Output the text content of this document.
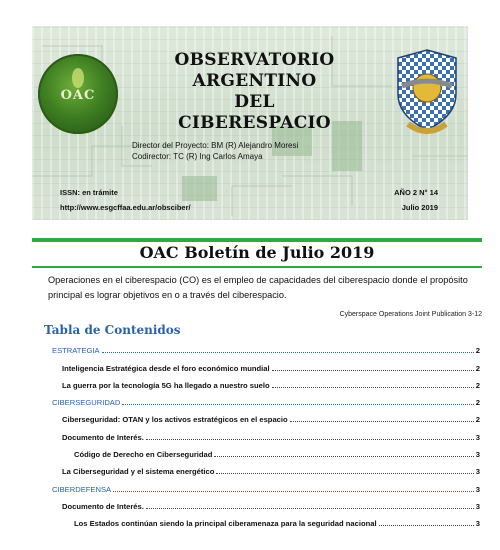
OAC
OBSERVATORIO ARGENTINO
DEL
CIBERESPACIO
Director del Proyecto: BM (R) Alejandro Moresi
Codirector: TC (R) Ing Carlos Amaya
ISSN: en trámite
http://www.esgcffaa.edu.ar/obsciber/
AÑO 2 N° 14
Julio 2019
OAC Boletín de Julio 2019
Operaciones en el ciberespacio (CO) es el empleo de capacidades del ciberespacio donde el propósito principal es lograr objetivos en o a través del ciberespacio.
Cyberspace Operations Joint Publication 3-12
Tabla de Contenidos
ESTRATEGIA	2
Inteligencia Estratégica desde el foro económico mundial	2
La guerra por la tecnología 5G ha llegado a nuestro suelo	2
CIBERSEGURIDAD	2
Ciberseguridad: OTAN y los activos estratégicos en el espacio	2
Documento de Interés.	3
Código de Derecho en Ciberseguridad	3
La Ciberseguridad y el sistema energético	3
CIBERDEFENSA	3
Documento de Interés.	3
Los Estados continúan siendo la principal ciberamenaza para la seguridad nacional	3
